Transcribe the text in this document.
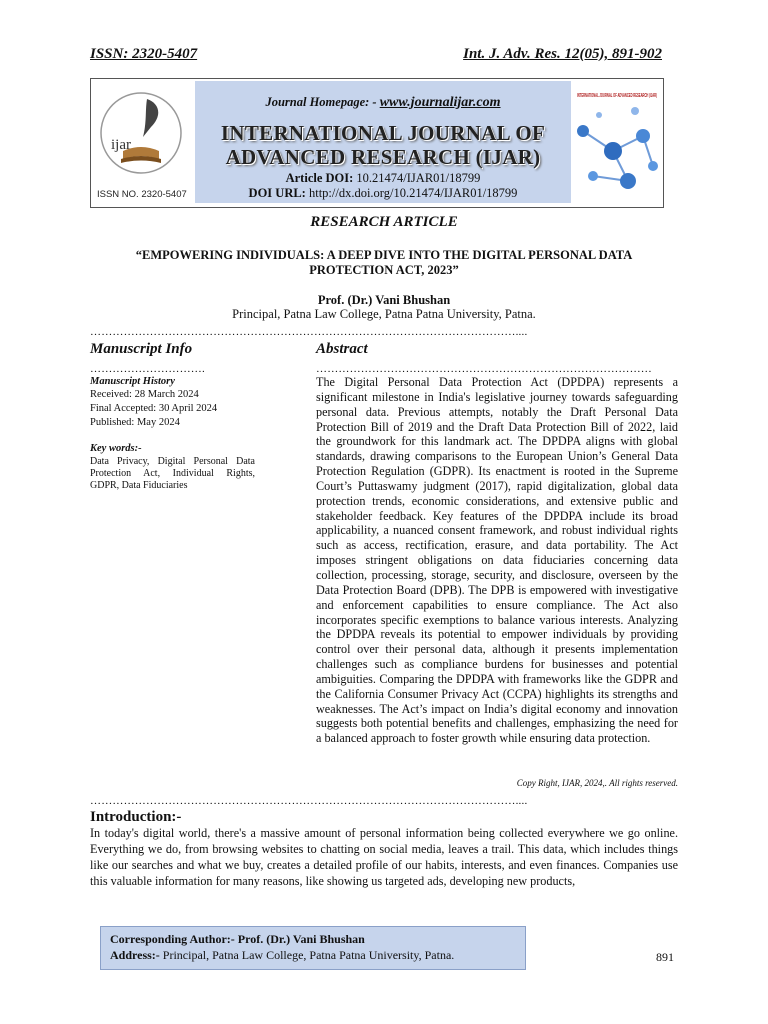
ISSN: 2320-5407	Int. J. Adv. Res. 12(05), 891-902
ijar
ISSN NO. 2320-5407
Journal Homepage: - www.journalijar.com
INTERNATIONAL JOURNAL OF
ADVANCED RESEARCH (IJAR)
Article DOI: 10.21474/IJAR01/18799
DOI URL: http://dx.doi.org/10.21474/IJAR01/18799
INTERNATIONAL JOURNAL OF ADVANCED RESEARCH (IJAR)
RESEARCH ARTICLE
“EMPOWERING INDIVIDUALS: A DEEP DIVE INTO THE DIGITAL PERSONAL DATA
PROTECTION ACT, 2023”
Prof. (Dr.) Vani Bhushan
Principal, Patna Law College, Patna Patna University, Patna.
……………………………………………………………………………………………………....
Manuscript Info	Abstract
………………………….	………………………………………………………………………………
Manuscript History
Received: 28 March 2024
Final Accepted: 30 April 2024
Published: May 2024
Key words:-
Data Privacy, Digital Personal Data Protection Act, Individual Rights, GDPR, Data Fiduciaries
The Digital Personal Data Protection Act (DPDPA) represents a significant milestone in India's legislative journey towards safeguarding personal data. Previous attempts, notably the Draft Personal Data Protection Bill of 2019 and the Draft Data Protection Bill of 2022, laid the groundwork for this landmark act. The DPDPA aligns with global standards, drawing comparisons to the European Union’s General Data Protection Regulation (GDPR). Its enactment is rooted in the Supreme Court’s Puttaswamy judgment (2017), rapid digitalization, global data protection trends, economic considerations, and extensive public and stakeholder feedback. Key features of the DPDPA include its broad applicability, a nuanced consent framework, and robust individual rights such as access, rectification, erasure, and data portability. The Act imposes stringent obligations on data fiduciaries concerning data collection, processing, storage, security, and disclosure, overseen by the Data Protection Board (DPB). The DPB is empowered with investigative and enforcement capabilities to ensure compliance. The Act also incorporates specific exemptions to balance various interests. Analyzing the DPDPA reveals its potential to empower individuals by providing control over their personal data, although it presents implementation challenges such as compliance burdens for businesses and potential ambiguities. Comparing the DPDPA with frameworks like the GDPR and the California Consumer Privacy Act (CCPA) highlights its strengths and weaknesses. The Act’s impact on India’s digital economy and innovation suggests both potential benefits and challenges, emphasizing the need for a balanced approach to foster growth while ensuring data protection.
Copy Right, IJAR, 2024,. All rights reserved.
……………………………………………………………………………………………………....
Introduction:-
In today's digital world, there's a massive amount of personal information being collected everywhere we go online. Everything we do, from browsing websites to chatting on social media, leaves a trail. This data, which includes things like our searches and what we buy, creates a detailed profile of our habits, interests, and even finances. Companies use this valuable information for many reasons, like showing us targeted ads, developing new products,
Corresponding Author:- Prof. (Dr.) Vani Bhushan
Address:- Principal, Patna Law College, Patna Patna University, Patna.	891
